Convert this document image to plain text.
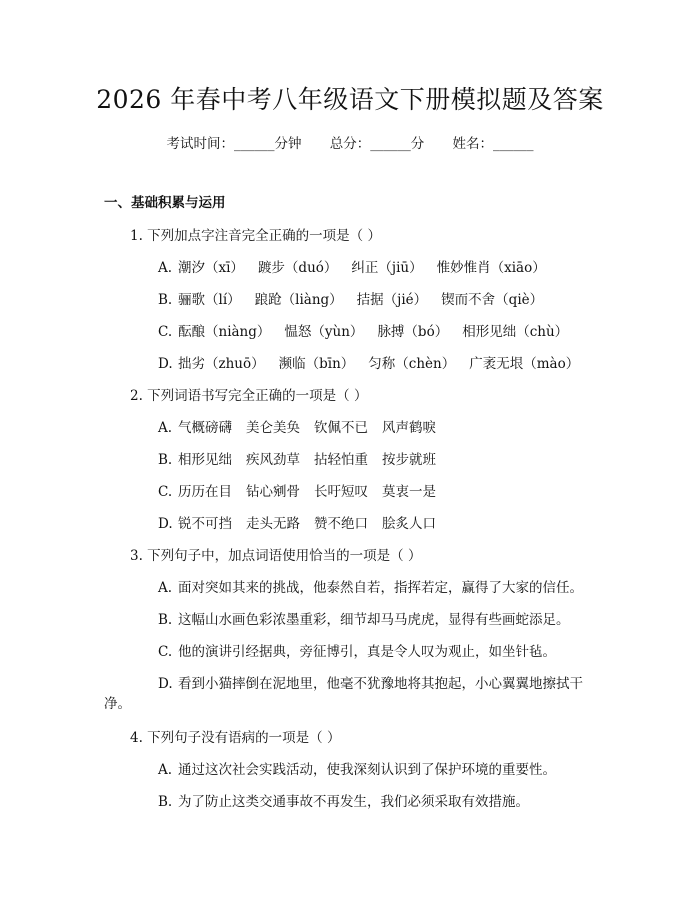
2026 年春中考八年级语文下册模拟题及答案
考试时间：______分钟 总分：______分 姓名：______
一、基础积累与运用
1. 下列加点字注音完全正确的一项是（ ）
A. 潮汐（xī） 踱步（duó） 纠正（jiū） 惟妙惟肖（xiāo）
B. 骊歌（lí） 踉跄（liàng） 拮据（jié） 锲而不舍（qiè）
C. 酝酿（niàng） 愠怒（yùn） 脉搏（bó） 相形见绌（chù）
D. 拙劣（zhuō） 濒临（bīn） 匀称（chèn） 广袤无垠（mào）
2. 下列词语书写完全正确的一项是（ ）
A. 气概磅礴 美仑美奂 钦佩不已 风声鹤唳
B. 相形见绌 疾风劲草 拈轻怕重 按步就班
C. 历历在目 钻心剜骨 长吁短叹 莫衷一是
D. 锐不可挡 走头无路 赞不绝口 脍炙人口
3. 下列句子中，加点词语使用恰当的一项是（ ）
A. 面对突如其来的挑战，他泰然自若，指挥若定，赢得了大家的信任。
B. 这幅山水画色彩浓墨重彩，细节却马马虎虎，显得有些画蛇添足。
C. 他的演讲引经据典，旁征博引，真是令人叹为观止，如坐针毡。
D. 看到小猫摔倒在泥地里，他毫不犹豫地将其抱起，小心翼翼地擦拭干
净。
4. 下列句子没有语病的一项是（ ）
A. 通过这次社会实践活动，使我深刻认识到了保护环境的重要性。
B. 为了防止这类交通事故不再发生，我们必须采取有效措施。
